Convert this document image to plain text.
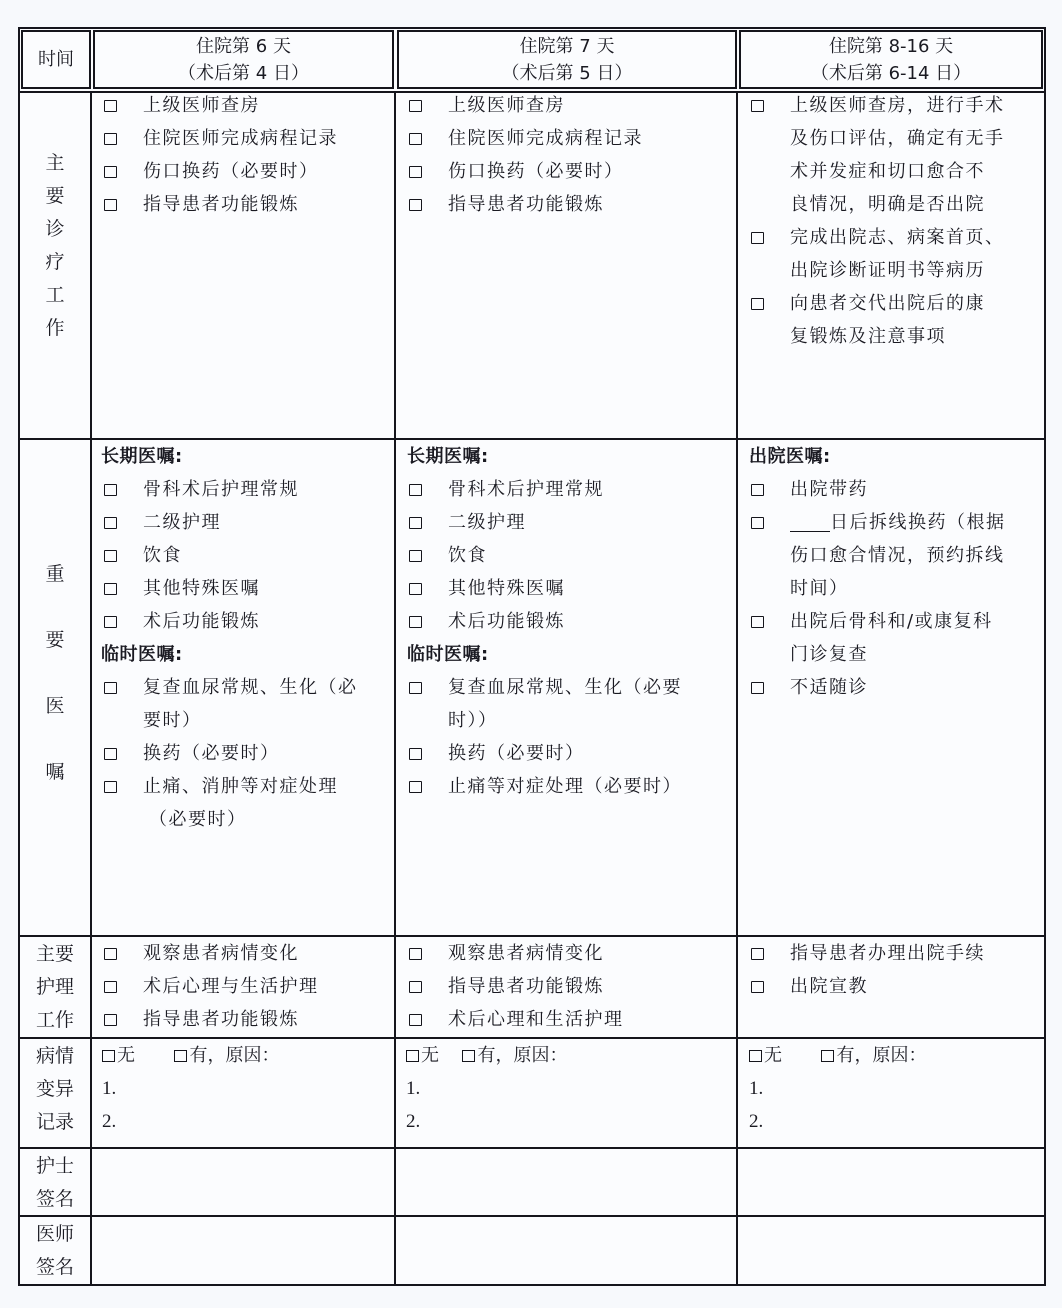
时间
住院第 6 天
（术后第 4 日）
住院第 7 天
（术后第 5 日）
住院第 8-16 天
（术后第 6-14 日）
主
要
诊
疗
工
作
上级医师查房
住院医师完成病程记录
伤口换药（必要时）
指导患者功能锻炼
上级医师查房
住院医师完成病程记录
伤口换药（必要时）
指导患者功能锻炼
上级医师查房，进行手术
及伤口评估，确定有无手
术并发症和切口愈合不
良情况，明确是否出院
完成出院志、病案首页、
出院诊断证明书等病历
向患者交代出院后的康
复锻炼及注意事项
重
要
医
嘱
长期医嘱:
骨科术后护理常规
二级护理
饮食
其他特殊医嘱
术后功能锻炼
临时医嘱:
复查血尿常规、生化（必
要时）
换药（必要时）
止痛、消肿等对症处理
（必要时）
长期医嘱:
骨科术后护理常规
二级护理
饮食
其他特殊医嘱
术后功能锻炼
临时医嘱:
复查血尿常规、生化（必要
时））
换药（必要时）
止痛等对症处理（必要时）
出院医嘱:
出院带药
日后拆线换药（根据
伤口愈合情况，预约拆线
时间）
出院后骨科和/或康复科
门诊复查
不适随诊
主要
护理
工作
观察患者病情变化
术后心理与生活护理
指导患者功能锻炼
观察患者病情变化
指导患者功能锻炼
术后心理和生活护理
指导患者办理出院手续
出院宣教
病情
变异
记录
无	有，原因：
1.
2.
无 有，原因：
1.
2.
无	有，原因：
1.
2.
护士
签名
医师
签名
